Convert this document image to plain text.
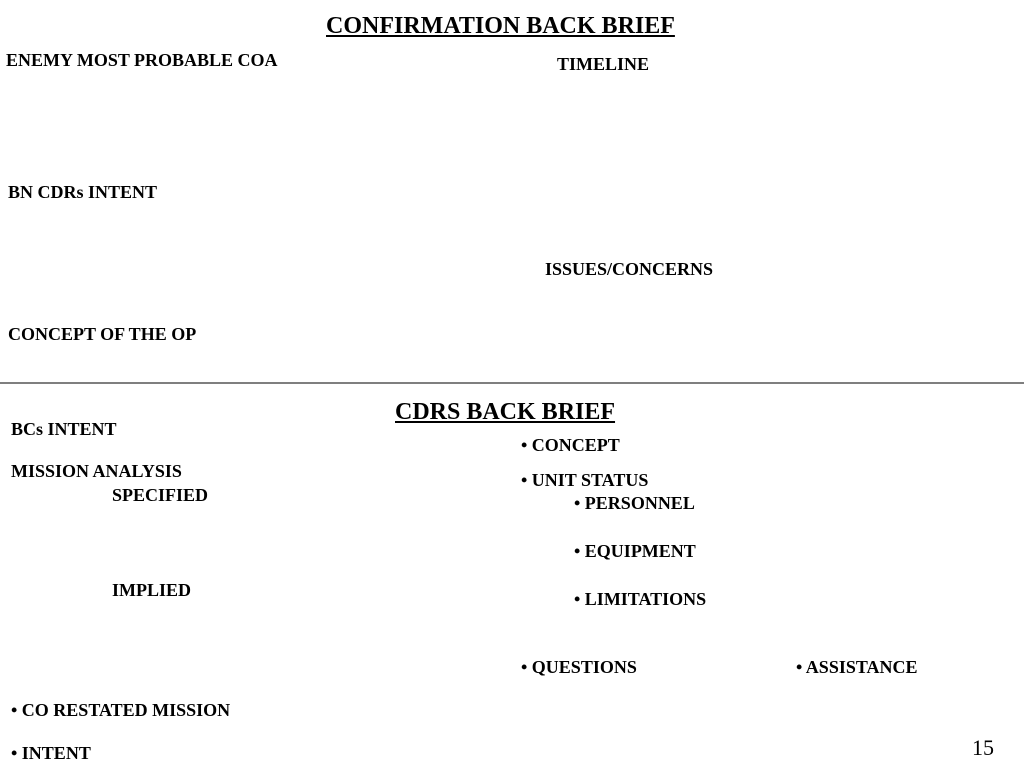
CONFIRMATION BACK BRIEF
ENEMY MOST PROBABLE COA	TIMELINE
BN CDRs INTENT
ISSUES/CONCERNS
CONCEPT OF THE OP
CDRS BACK BRIEF
BCs INTENT
MISSION ANALYSIS
SPECIFIED
IMPLIED
• CO RESTATED MISSION
• INTENT
• CONCEPT
• UNIT STATUS
• PERSONNEL
• EQUIPMENT
• LIMITATIONS
• QUESTIONS	• ASSISTANCE
15
